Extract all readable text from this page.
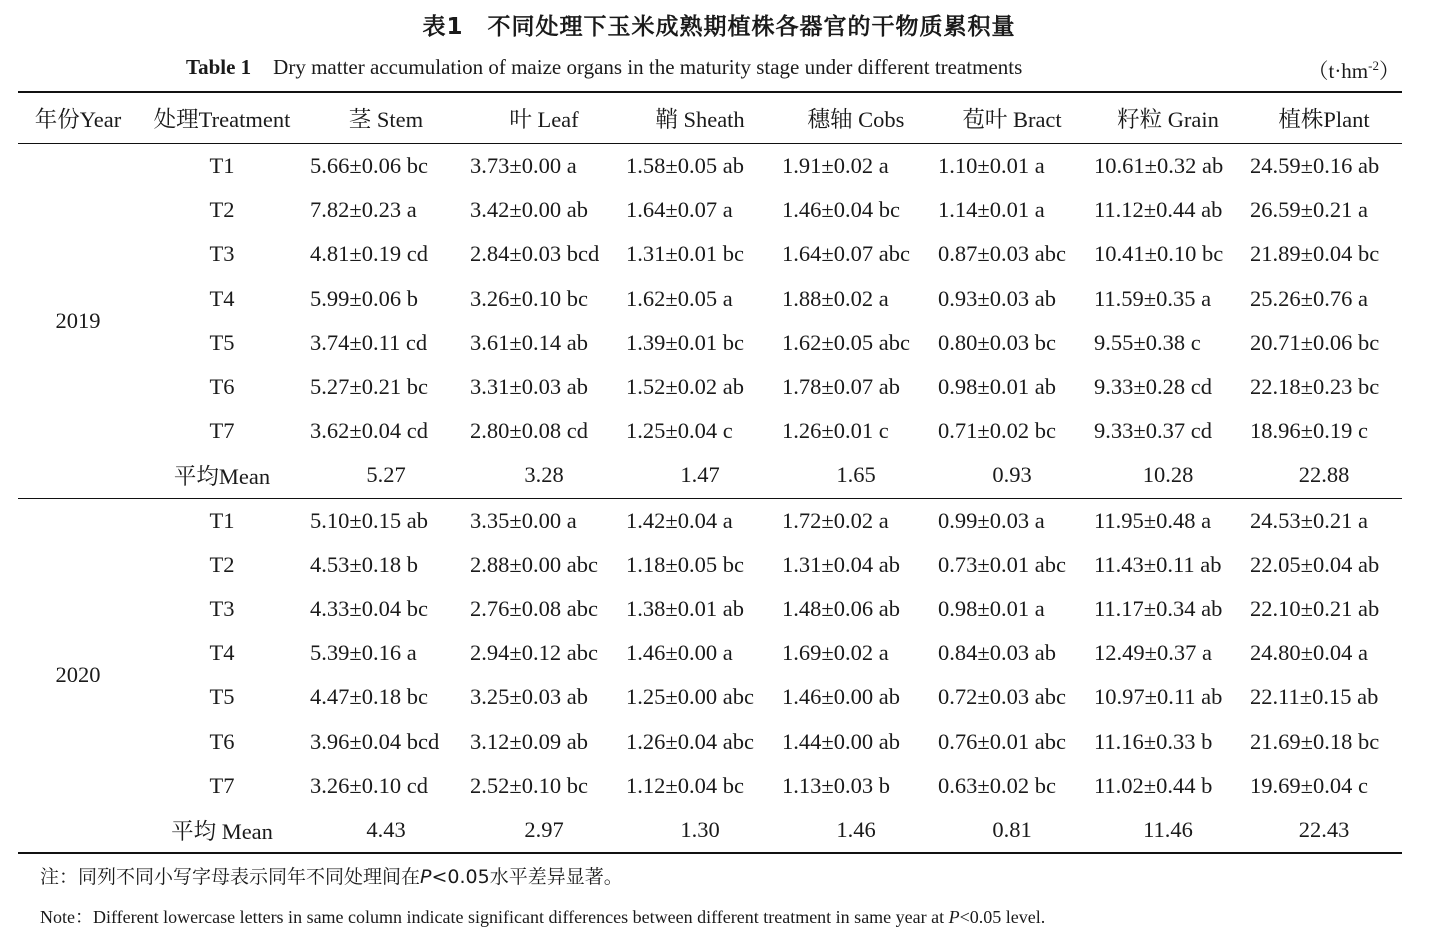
表1　不同处理下玉米成熟期植株各器官的干物质累积量
Table 1 Dry matter accumulation of maize organs in the maturity stage under different treatments	$(t\cdot hm^{-2})$
年份Year	处理Treatment	茎 Stem	叶 Leaf	鞘 Sheath	穗轴 Cobs	苞叶 Bract	籽粒 Grain	植株Plant
2019	T1	5.66±0.06 bc	3.73±0.00 a	1.58±0.05 ab	1.91±0.02 a	1.10±0.01 a	10.61±0.32 ab	24.59±0.16 ab
	T2	7.82±0.23 a	3.42±0.00 ab	1.64±0.07 a	1.46±0.04 bc	1.14±0.01 a	11.12±0.44 ab	26.59±0.21 a
	T3	4.81±0.19 cd	2.84±0.03 bcd	1.31±0.01 bc	1.64±0.07 abc	0.87±0.03 abc	10.41±0.10 bc	21.89±0.04 bc
	T4	5.99±0.06 b	3.26±0.10 bc	1.62±0.05 a	1.88±0.02 a	0.93±0.03 ab	11.59±0.35 a	25.26±0.76 a
	T5	3.74±0.11 cd	3.61±0.14 ab	1.39±0.01 bc	1.62±0.05 abc	0.80±0.03 bc	9.55±0.38 c	20.71±0.06 bc
	T6	5.27±0.21 bc	3.31±0.03 ab	1.52±0.02 ab	1.78±0.07 ab	0.98±0.01 ab	9.33±0.28 cd	22.18±0.23 bc
	T7	3.62±0.04 cd	2.80±0.08 cd	1.25±0.04 c	1.26±0.01 c	0.71±0.02 bc	9.33±0.37 cd	18.96±0.19 c
	平均Mean	5.27	3.28	1.47	1.65	0.93	10.28	22.88
2020	T1	5.10±0.15 ab	3.35±0.00 a	1.42±0.04 a	1.72±0.02 a	0.99±0.03 a	11.95±0.48 a	24.53±0.21 a
	T2	4.53±0.18 b	2.88±0.00 abc	1.18±0.05 bc	1.31±0.04 ab	0.73±0.01 abc	11.43±0.11 ab	22.05±0.04 ab
	T3	4.33±0.04 bc	2.76±0.08 abc	1.38±0.01 ab	1.48±0.06 ab	0.98±0.01 a	11.17±0.34 ab	22.10±0.21 ab
	T4	5.39±0.16 a	2.94±0.12 abc	1.46±0.00 a	1.69±0.02 a	0.84±0.03 ab	12.49±0.37 a	24.80±0.04 a
	T5	4.47±0.18 bc	3.25±0.03 ab	1.25±0.00 abc	1.46±0.00 ab	0.72±0.03 abc	10.97±0.11 ab	22.11±0.15 ab
	T6	3.96±0.04 bcd	3.12±0.09 ab	1.26±0.04 abc	1.44±0.00 ab	0.76±0.01 abc	11.16±0.33 b	21.69±0.18 bc
	T7	3.26±0.10 cd	2.52±0.10 bc	1.12±0.04 bc	1.13±0.03 b	0.63±0.02 bc	11.02±0.44 b	19.69±0.04 c
	平均 Mean	4.43	2.97	1.30	1.46	0.81	11.46	22.43
注：同列不同小写字母表示同年不同处理间在P<0.05水平差异显著。
Note：Different lowercase letters in same column indicate significant differences between different treatment in same year at P<0.05 level.
